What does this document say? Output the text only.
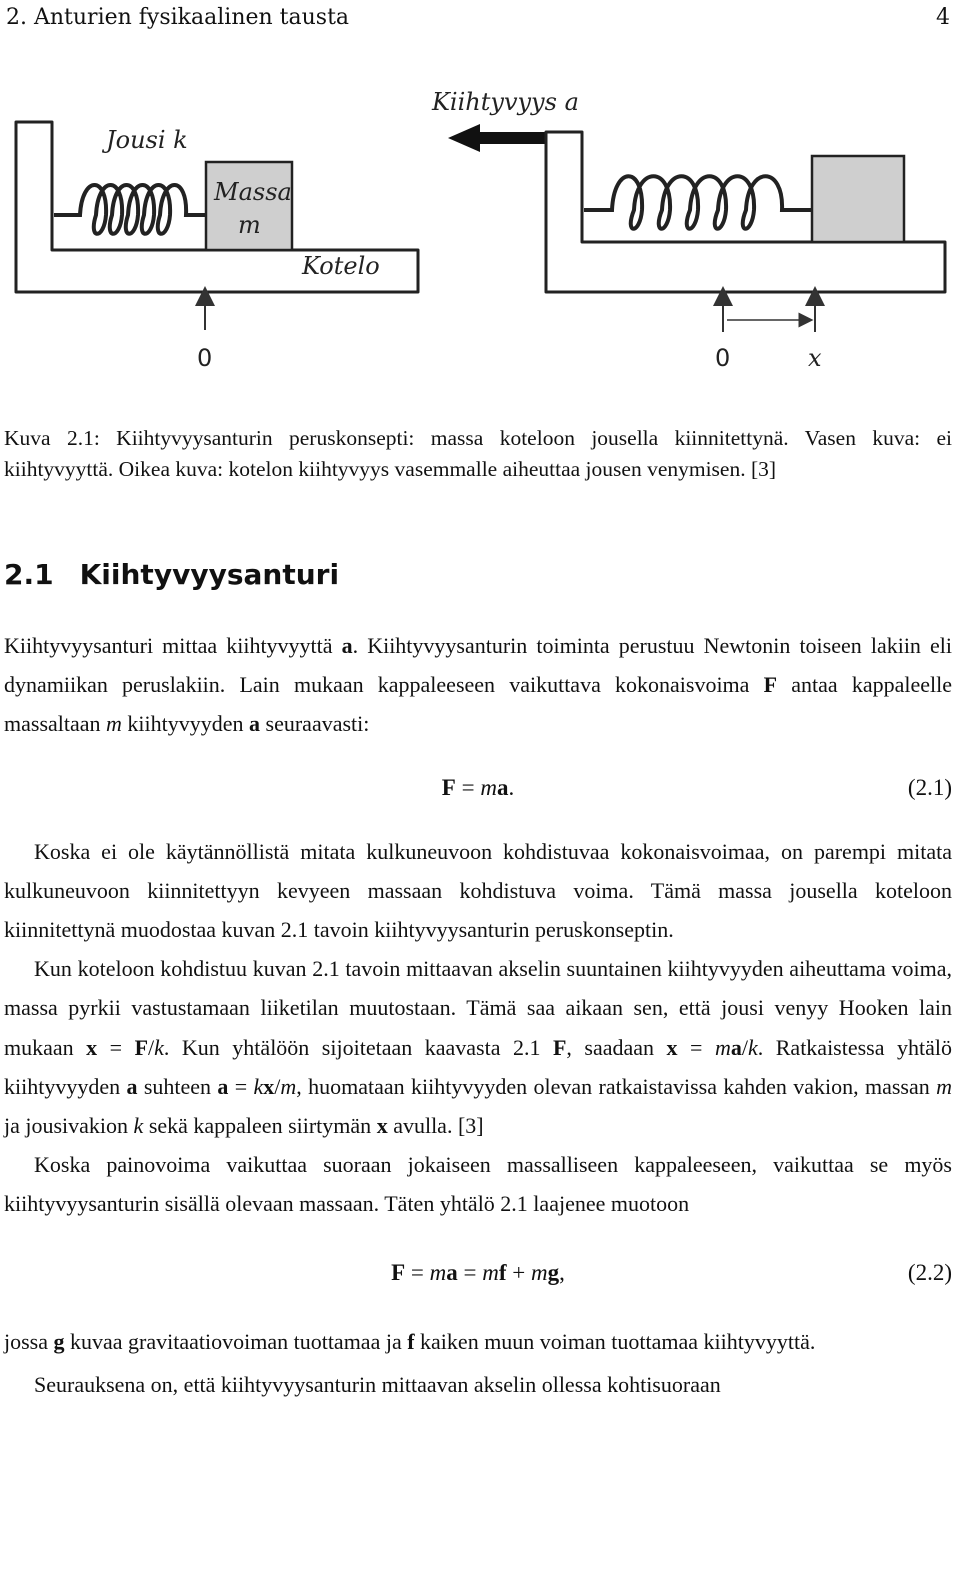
2. Anturien fysikaalinen tausta	4
Jousi k
Massa
m
Kotelo
0
Kiihtyvyys a
0	x
Kuva 2.1: Kiihtyvyysanturin peruskonsepti: massa koteloon jousella kiinnitettynä. Vasen kuva: ei kiihtyvyyttä. Oikea kuva: kotelon kiihtyvyys vasemmalle aiheuttaa jousen venymisen. [3]
2.1 Kiihtyvyysanturi

Kiihtyvyysanturi mittaa kiihtyvyyttä a. Kiihtyvyysanturin toiminta perustuu Newtonin toiseen lakiin eli dynamiikan peruslakiin. Lain mukaan kappaleeseen vaikuttava kokonaisvoima F antaa kappaleelle massaltaan m kiihtyvyyden a seuraavasti:

F = ma.	(2.1)

Koska ei ole käytännöllistä mitata kulkuneuvoon kohdistuvaa kokonaisvoimaa, on parempi mitata kulkuneuvoon kiinnitettyyn kevyeen massaan kohdistuva voima. Tämä massa jousella koteloon kiinnitettynä muodostaa kuvan 2.1 tavoin kiihtyvyysanturin peruskonseptin.

Kun koteloon kohdistuu kuvan 2.1 tavoin mittaavan akselin suuntainen kiihtyvyyden aiheuttama voima, massa pyrkii vastustamaan liiketilan muutostaan. Tämä saa aikaan sen, että jousi venyy Hooken lain mukaan x = F/k. Kun yhtälöön sijoitetaan kaavasta 2.1 F, saadaan x = ma/k. Ratkaistessa yhtälö kiihtyvyyden a suhteen a = kx/m, huomataan kiihtyvyyden olevan ratkaistavissa kahden vakion, massan m ja jousivakion k sekä kappaleen siirtymän x avulla. [3]

Koska painovoima vaikuttaa suoraan jokaiseen massalliseen kappaleeseen, vaikuttaa se myös kiihtyvyysanturin sisällä olevaan massaan. Täten yhtälö 2.1 laajenee muotoon

F = ma = mf + mg,	(2.2)

jossa g kuvaa gravitaatiovoiman tuottamaa ja f kaiken muun voiman tuottamaa kiihtyvyyttä.

Seurauksena on, että kiihtyvyysanturin mittaavan akselin ollessa kohtisuoraan
